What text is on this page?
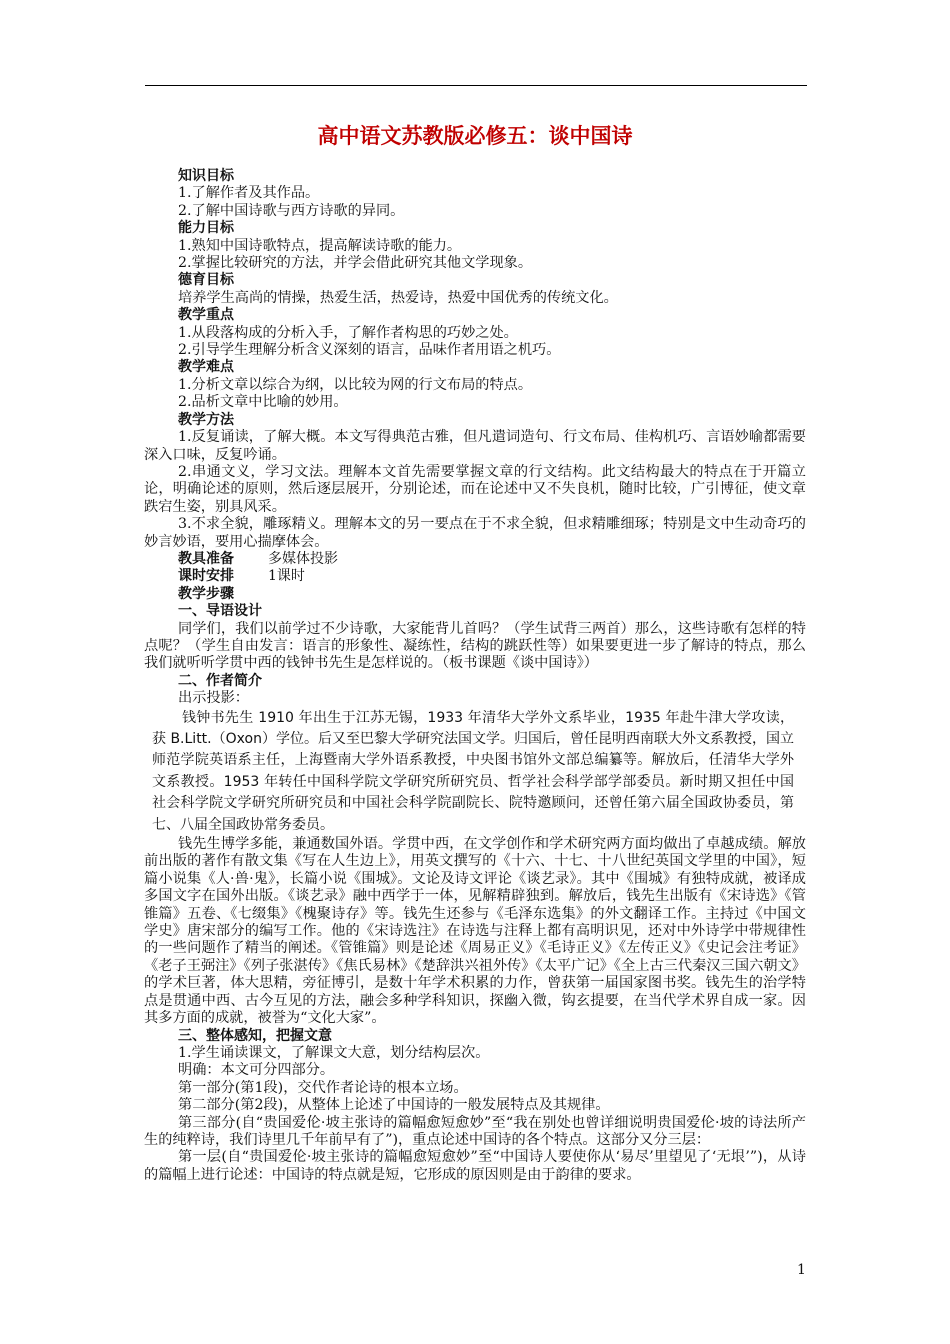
高中语文苏教版必修五：谈中国诗

知识目标

1.了解作者及其作品。

2.了解中国诗歌与西方诗歌的异同。

能力目标

1.熟知中国诗歌特点，提高解读诗歌的能力。

2.掌握比较研究的方法，并学会借此研究其他文学现象。

德育目标

培养学生高尚的情操，热爱生活，热爱诗，热爱中国优秀的传统文化。

教学重点

1.从段落构成的分析入手，了解作者构思的巧妙之处。

2.引导学生理解分析含义深刻的语言，品味作者用语之机巧。

教学难点

1.分析文章以综合为纲，以比较为网的行文布局的特点。

2.品析文章中比喻的妙用。

教学方法

1.反复诵读，了解大概。本文写得典范古雅，但凡遣词造句、行文布局、佳构机巧、言语妙喻都需要深入口味，反复吟诵。

2.串通文义，学习文法。理解本文首先需要掌握文章的行文结构。此文结构最大的特点在于开篇立论，明确论述的原则，然后逐层展开，分别论述，而在论述中又不失良机，随时比较，广引博征，使文章跌宕生姿，别具风采。

3.不求全貌，雕琢精义。理解本文的另一要点在于不求全貌，但求精雕细琢；特别是文中生动奇巧的妙言妙语，要用心揣摩体会。

教具准备 多媒体投影

课时安排 1课时

教学步骤

一、导语设计

同学们，我们以前学过不少诗歌，大家能背儿首吗？（学生试背三两首）那么，这些诗歌有怎样的特点呢？（学生自由发言：语言的形象性、凝练性，结构的跳跃性等）如果要更进一步了解诗的特点，那么我们就听听学贯中西的钱钟书先生是怎样说的。（板书课题《谈中国诗》）

二、作者简介

出示投影：

钱钟书先生 1910 年出生于江苏无锡，1933 年清华大学外文系毕业，1935 年赴牛津大学攻读，获 B.Litt.（Oxon）学位。后又至巴黎大学研究法国文学。归国后，曾任昆明西南联大外文系教授，国立师范学院英语系主任，上海暨南大学外语系教授，中央图书馆外文部总编纂等。解放后，任清华大学外文系教授。1953 年转任中国科学院文学研究所研究员、哲学社会科学部学部委员。新时期又担任中国社会科学院文学研究所研究员和中国社会科学院副院长、院特邀顾问，还曾任第六届全国政协委员，第七、八届全国政协常务委员。

钱先生博学多能，兼通数国外语。学贯中西，在文学创作和学术研究两方面均做出了卓越成绩。解放前出版的著作有散文集《写在人生边上》，用英文撰写的《十六、十七、十八世纪英国文学里的中国》，短篇小说集《人·兽·鬼》，长篇小说《围城》。文论及诗文评论《谈艺录》。其中《围城》有独特成就，被译成多国文字在国外出版。《谈艺录》融中西学于一体，见解精辟独到。解放后，钱先生出版有《宋诗选》《管锥篇》五卷、《七缀集》《槐聚诗存》等。钱先生还参与《毛泽东选集》的外文翻译工作。主持过《中国文学史》唐宋部分的编写工作。他的《宋诗选注》在诗选与注释上都有高明识见，还对中外诗学中带规律性的一些问题作了精当的阐述。《管锥篇》则是论述《周易正义》《毛诗正义》《左传正义》《史记会注考证》《老子王弼注》《列子张湛传》《焦氏易林》《楚辞洪兴祖外传》《太平广记》《全上古三代秦汉三国六朝文》的学术巨著，体大思精，旁征博引，是数十年学术积累的力作，曾获第一届国家图书奖。钱先生的治学特点是贯通中西、古今互见的方法，融会多种学科知识，探幽入微，钩玄提要，在当代学术界自成一家。因其多方面的成就，被誉为“文化大家”。

三、整体感知，把握文意

1.学生诵读课文，了解课文大意，划分结构层次。

明确：本文可分四部分。

第一部分(第1段)，交代作者论诗的根本立场。

第二部分(第2段)，从整体上论述了中国诗的一般发展特点及其规律。

第三部分(自“贵国爱伦·坡主张诗的篇幅愈短愈妙”至“我在别处也曾详细说明贵国爱伦·坡的诗法所产生的纯粹诗，我们诗里几千年前早有了”)，重点论述中国诗的各个特点。这部分又分三层：

第一层(自“贵国爱伦·坡主张诗的篇幅愈短愈妙”至“中国诗人要使你从‘易尽’里望见了‘无垠’”)，从诗的篇幅上进行论述：中国诗的特点就是短，它形成的原因则是由于韵律的要求。

1
